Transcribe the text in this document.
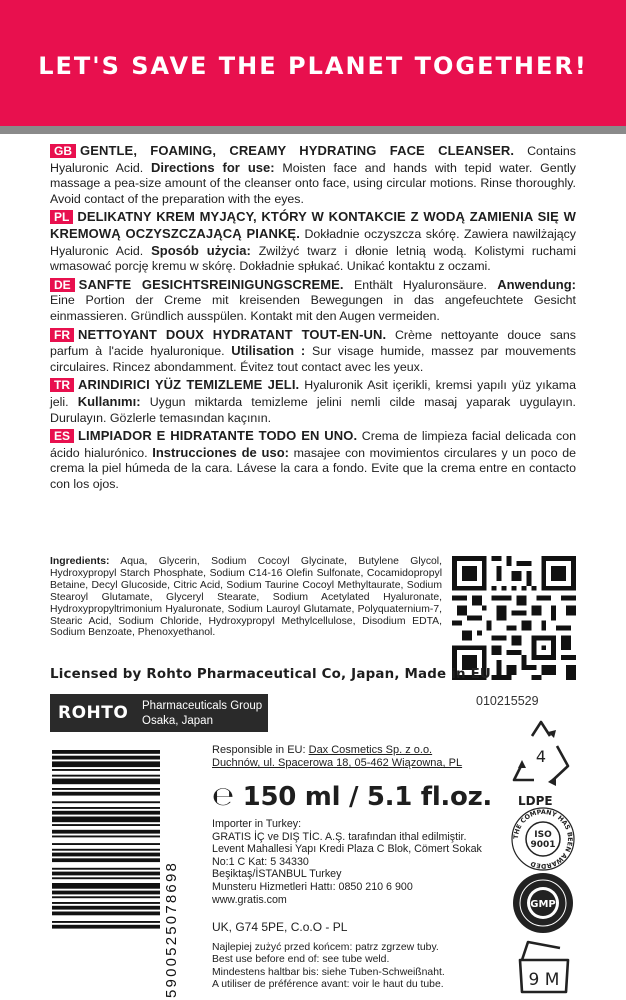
LET'S SAVE THE PLANET TOGETHER!

GB GENTLE, FOAMING, CREAMY HYDRATING FACE CLEANSER. Contains Hyaluronic Acid. Directions for use: Moisten face and hands with tepid water. Gently massage a pea-size amount of the cleanser onto face, using circular motions. Rinse thoroughly. Avoid contact of the preparation with the eyes.

PL DELIKATNY KREM MYJĄCY, KTÓRY W KONTAKCIE Z WODĄ ZAMIENIA SIĘ W KREMOWĄ OCZYSZCZAJĄCĄ PIANKĘ. Dokładnie oczyszcza skórę. Zawiera nawilżający Hyaluronic Acid. Sposób użycia: Zwilżyć twarz i dłonie letnią wodą. Kolistymi ruchami wmasować porcję kremu w skórę. Dokładnie spłukać. Unikać kontaktu z oczami.

DE SANFTE GESICHTSREINIGUNGSCREME. Enthält Hyaluronsäure. Anwendung: Eine Portion der Creme mit kreisenden Bewegungen in das angefeuchtete Gesicht einmassieren. Gründlich ausspülen. Kontakt mit den Augen vermeiden.

FR NETTOYANT DOUX HYDRATANT TOUT-EN-UN. Crème nettoyante douce sans parfum à l'acide hyaluronique. Utilisation : Sur visage humide, massez par mouvements circulaires. Rincez abondamment. Évitez tout contact avec les yeux.

TR ARINDIRICI YÜZ TEMIZLEME JELI. Hyaluronik Asit içerikli, kremsi yapılı yüz yıkama jeli. Kullanımı: Uygun miktarda temizleme jelini nemli cilde masaj yaparak uygulayın. Durulayın. Gözlerle temasından kaçının.

ES LIMPIADOR E HIDRATANTE TODO EN UNO. Crema de limpieza facial delicada con ácido hialurónico. Instrucciones de uso: masajee con movimientos circulares y un poco de crema la piel húmeda de la cara. Lávese la cara a fondo. Evite que la crema entre en contacto con los ojos.

Ingredients: Aqua, Glycerin, Sodium Cocoyl Glycinate, Butylene Glycol, Hydroxypropyl Starch Phosphate, Sodium C14-16 Olefin Sulfonate, Cocamidopropyl Betaine, Decyl Glucoside, Citric Acid, Sodium Taurine Cocoyl Methyltaurate, Sodium Stearoyl Glutamate, Glyceryl Stearate, Sodium Acetylated Hyaluronate, Hydroxypropyltrimonium Hyaluronate, Sodium Lauroyl Glutamate, Polyquaternium-7, Stearic Acid, Sodium Chloride, Hydroxypropyl Methylcellulose, Disodium EDTA, Sodium Benzoate, Phenoxyethanol.
Licensed by Rohto Pharmaceutical Co, Japan, Made in EU
ROHTO Pharmaceuticals Group
Osaka, Japan
010215529
5900525078698
Responsible in EU: Dax Cosmetics Sp. z o.o.
Duchnów, ul. Spacerowa 18, 05-462 Wiązowna, PL
℮ 150 ml / 5.1 fl.oz.
Importer in Turkey:
GRATIS İÇ ve DIŞ TİC. A.Ş. tarafından ithal edilmiştir.
Levent Mahallesi Yapı Kredi Plaza C Blok, Cömert Sokak
No:1 C Kat: 5 34330
Beşiktaş/İSTANBUL Turkey
Munsteru Hizmetleri Hattı: 0850 210 6 900
www.gratis.com
UK, G74 5PE, C.o.O - PL
Najlepiej zużyć przed końcem: patrz zgrzew tuby.
Best use before end of: see tube weld.
Mindestens haltbar bis: siehe Tuben-Schweißnaht.
A utiliser de préférence avant: voir le haut du tube.
4
LDPE
THE COMPANY HAS BEEN AWARDED
ISO
9001
GMP
9 M
